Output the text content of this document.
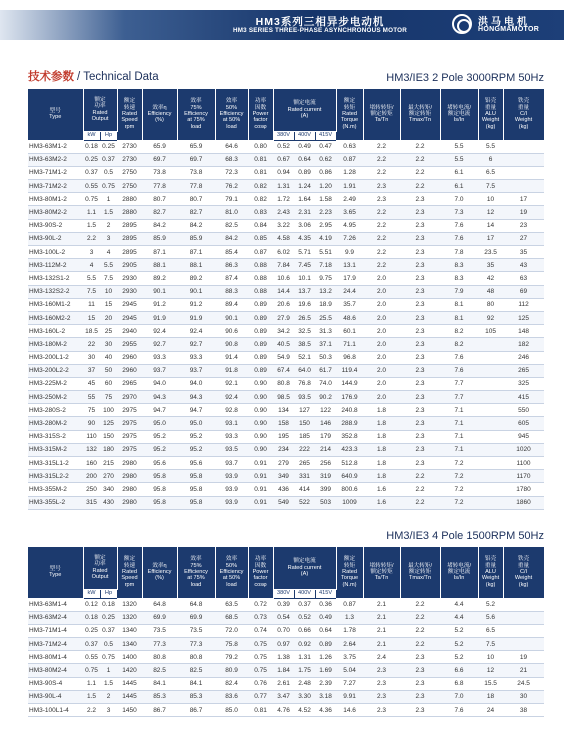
HM3系列三相异步电动机
HM3 SERIES THREE-PHASE ASYNCHRONOUS MOTOR
洪马电机
HONGMAMOTOR
技术参数 / Technical Data	HM3/IE3 2 Pole 3000RPM 50Hz
型号
Type	额定
功率
Rated
Output		额定
转速
Rated
Speed
rpm	效率η
Efficiency
(%)	效率
75%
Efficiency
at 75%
load	效率
50%
Efficiency
at 50%
load	功率
因数
Power
factor
cosφ	额定电流
Rated current
(A)			额定
转矩
Rated
Torque
(N.m)	堵转转矩/
额定转矩
Ts/Tn	最大转矩/
额定转矩
Tmax/Tn	堵转电流/
额定电流
Is/In	铝壳
重量
ALU
Weight
(kg)	铁壳
重量
C/I
Weight
(kg)
	kW	Hp						380V	400V	415V						
HM3-63M1-2	0.18	0.25	2730	65.9	65.9	64.6	0.80	0.52	0.49	0.47	0.63	2.2	2.2	5.5	5.5	
HM3-63M2-2	0.25	0.37	2730	69.7	69.7	68.3	0.81	0.67	0.64	0.62	0.87	2.2	2.2	5.5	6	
HM3-71M1-2	0.37	0.5	2750	73.8	73.8	72.3	0.81	0.94	0.89	0.86	1.28	2.2	2.2	6.1	6.5	
HM3-71M2-2	0.55	0.75	2750	77.8	77.8	76.2	0.82	1.31	1.24	1.20	1.91	2.3	2.2	6.1	7.5	
HM3-80M1-2	0.75	1	2880	80.7	80.7	79.1	0.82	1.72	1.64	1.58	2.49	2.3	2.3	7.0	10	17
HM3-80M2-2	1.1	1.5	2880	82.7	82.7	81.0	0.83	2.43	2.31	2.23	3.65	2.2	2.3	7.3	12	19
HM3-90S-2	1.5	2	2895	84.2	84.2	82.5	0.84	3.22	3.06	2.95	4.95	2.2	2.3	7.6	14	23
HM3-90L-2	2.2	3	2895	85.9	85.9	84.2	0.85	4.58	4.35	4.19	7.26	2.2	2.3	7.6	17	27
HM3-100L-2	3	4	2895	87.1	87.1	85.4	0.87	6.02	5.71	5.51	9.9	2.2	2.3	7.8	23.5	35
HM3-112M-2	4	5.5	2905	88.1	88.1	86.3	0.88	7.84	7.45	7.18	13.1	2.2	2.3	8.3	35	43
HM3-132S1-2	5.5	7.5	2930	89.2	89.2	87.4	0.88	10.6	10.1	9.75	17.9	2.0	2.3	8.3	42	63
HM3-132S2-2	7.5	10	2930	90.1	90.1	88.3	0.88	14.4	13.7	13.2	24.4	2.0	2.3	7.9	48	69
HM3-160M1-2	11	15	2945	91.2	91.2	89.4	0.89	20.6	19.6	18.9	35.7	2.0	2.3	8.1	80	112
HM3-160M2-2	15	20	2945	91.9	91.9	90.1	0.89	27.9	26.5	25.5	48.6	2.0	2.3	8.1	92	125
HM3-160L-2	18.5	25	2940	92.4	92.4	90.6	0.89	34.2	32.5	31.3	60.1	2.0	2.3	8.2	105	148
HM3-180M-2	22	30	2955	92.7	92.7	90.8	0.89	40.5	38.5	37.1	71.1	2.0	2.3	8.2		182
HM3-200L1-2	30	40	2960	93.3	93.3	91.4	0.89	54.9	52.1	50.3	96.8	2.0	2.3	7.6		246
HM3-200L2-2	37	50	2960	93.7	93.7	91.8	0.89	67.4	64.0	61.7	119.4	2.0	2.3	7.6		265
HM3-225M-2	45	60	2965	94.0	94.0	92.1	0.90	80.8	76.8	74.0	144.9	2.0	2.3	7.7		325
HM3-250M-2	55	75	2970	94.3	94.3	92.4	0.90	98.5	93.5	90.2	176.9	2.0	2.3	7.7		415
HM3-280S-2	75	100	2975	94.7	94.7	92.8	0.90	134	127	122	240.8	1.8	2.3	7.1		550
HM3-280M-2	90	125	2975	95.0	95.0	93.1	0.90	158	150	146	288.9	1.8	2.3	7.1		605
HM3-315S-2	110	150	2975	95.2	95.2	93.3	0.90	195	185	179	352.8	1.8	2.3	7.1		945
HM3-315M-2	132	180	2975	95.2	95.2	93.5	0.90	234	222	214	423.3	1.8	2.3	7.1		1020
HM3-315L1-2	160	215	2980	95.6	95.6	93.7	0.91	279	265	256	512.8	1.8	2.3	7.2		1100
HM3-315L2-2	200	270	2980	95.8	95.8	93.9	0.91	349	331	319	640.9	1.8	2.2	7.2		1170
HM3-355M-2	250	340	2980	95.8	95.8	93.9	0.91	436	414	399	800.6	1.6	2.2	7.2		1780
HM3-355L-2	315	430	2980	95.8	95.8	93.9	0.91	549	522	503	1009	1.6	2.2	7.2		1860
HM3/IE3 4 Pole 1500RPM 50Hz
型号
Type	额定
功率
Rated
Output		额定
转速
Rated
Speed
rpm	效率η
Efficiency
(%)	效率
75%
Efficiency
at 75%
load	效率
50%
Efficiency
at 50%
load	功率
因数
Power
factor
cosφ	额定电流
Rated current
(A)			额定
转矩
Rated
Torque
(N.m)	堵转转矩/
额定转矩
Ts/Tn	最大转矩/
额定转矩
Tmax/Tn	堵转电流/
额定电流
Is/In	铝壳
重量
ALU
Weight
(kg)	铁壳
重量
C/I
Weight
(kg)
	kW	Hp						380V	400V	415V						
HM3-63M1-4	0.12	0.18	1320	64.8	64.8	63.5	0.72	0.39	0.37	0.36	0.87	2.1	2.2	4.4	5.2	
HM3-63M2-4	0.18	0.25	1320	69.9	69.9	68.5	0.73	0.54	0.52	0.49	1.3	2.1	2.2	4.4	5.6	
HM3-71M1-4	0.25	0.37	1340	73.5	73.5	72.0	0.74	0.70	0.66	0.64	1.78	2.1	2.2	5.2	6.5	
HM3-71M2-4	0.37	0.5	1340	77.3	77.3	75.8	0.75	0.97	0.92	0.89	2.64	2.1	2.2	5.2	7.5	
HM3-80M1-4	0.55	0.75	1400	80.8	80.8	79.2	0.75	1.38	1.31	1.26	3.75	2.4	2.3	5.2	10	19
HM3-80M2-4	0.75	1	1420	82.5	82.5	80.9	0.75	1.84	1.75	1.69	5.04	2.3	2.3	6.6	12	21
HM3-90S-4	1.1	1.5	1445	84.1	84.1	82.4	0.76	2.61	2.48	2.39	7.27	2.3	2.3	6.8	15.5	24.5
HM3-90L-4	1.5	2	1445	85.3	85.3	83.6	0.77	3.47	3.30	3.18	9.91	2.3	2.3	7.0	18	30
HM3-100L1-4	2.2	3	1450	86.7	86.7	85.0	0.81	4.76	4.52	4.36	14.6	2.3	2.3	7.6	24	38
